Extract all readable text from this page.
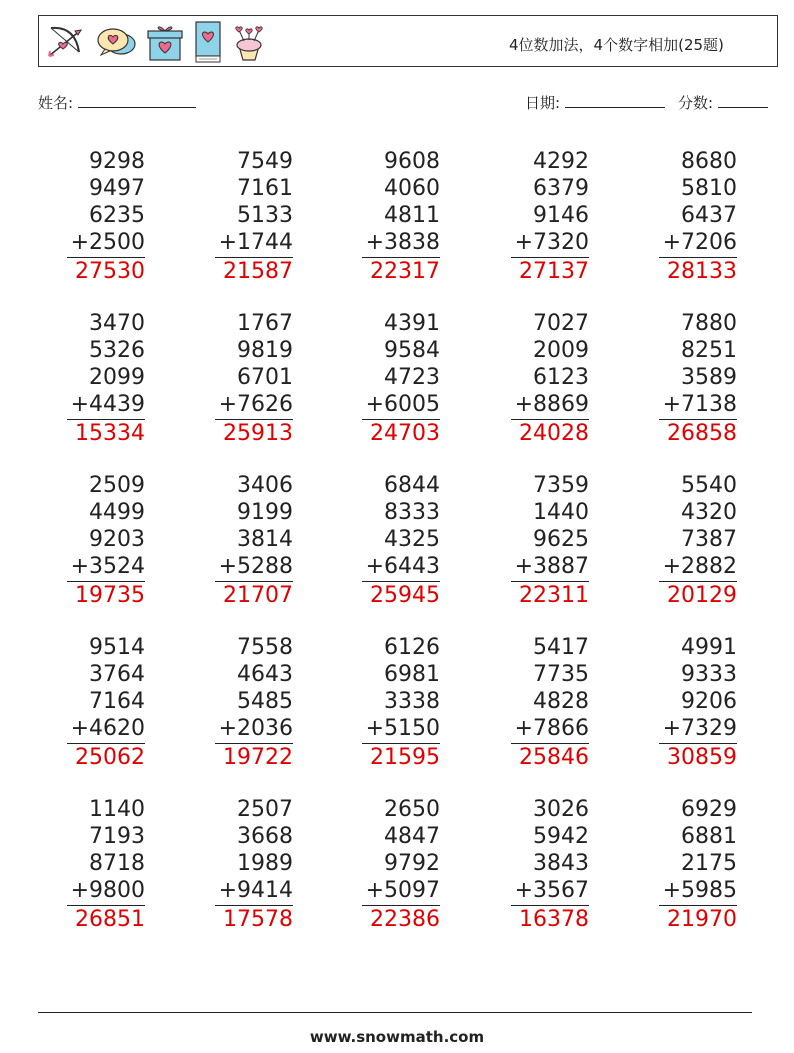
4位数加法，4个数字相加(25题)
姓名:	日期:	分数:
9298
9497
6235
+2500
27530
7549
7161
5133
+1744
21587
9608
4060
4811
+3838
22317
4292
6379
9146
+7320
27137
8680
5810
6437
+7206
28133
3470
5326
2099
+4439
15334
1767
9819
6701
+7626
25913
4391
9584
4723
+6005
24703
7027
2009
6123
+8869
24028
7880
8251
3589
+7138
26858
2509
4499
9203
+3524
19735
3406
9199
3814
+5288
21707
6844
8333
4325
+6443
25945
7359
1440
9625
+3887
22311
5540
4320
7387
+2882
20129
9514
3764
7164
+4620
25062
7558
4643
5485
+2036
19722
6126
6981
3338
+5150
21595
5417
7735
4828
+7866
25846
4991
9333
9206
+7329
30859
1140
7193
8718
+9800
26851
2507
3668
1989
+9414
17578
2650
4847
9792
+5097
22386
3026
5942
3843
+3567
16378
6929
6881
2175
+5985
21970
www.snowmath.com
